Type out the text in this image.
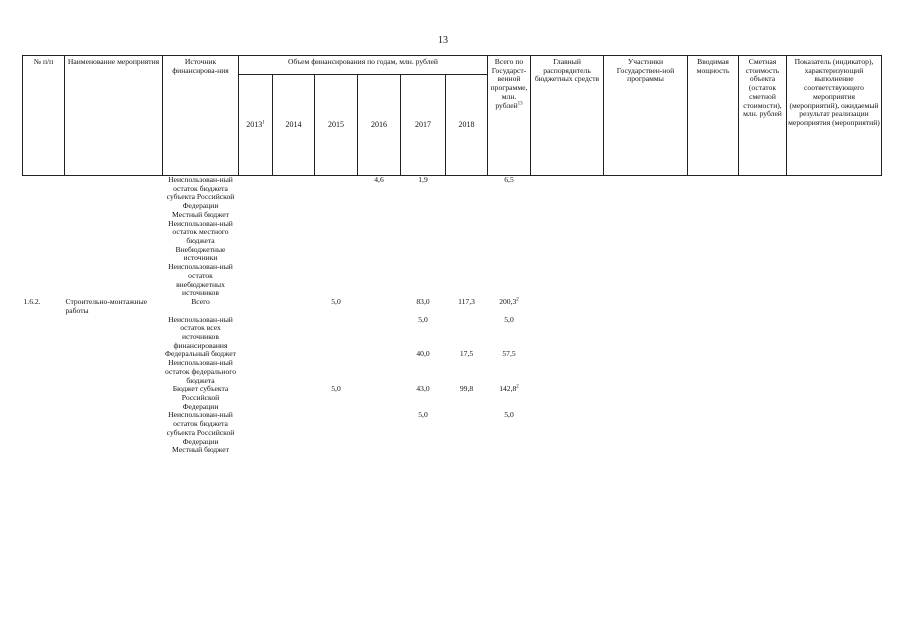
13
№ п/п	Наименование мероприятия	Источник финансирова-ния	Объем финансирования по годам, млн. рублей						Всего по Государст-венной программе, млн. рублей$^{13}$	Главный распорядитель бюджетных средств	Участники Государствен-ной программы	Вводимая мощность	Сметная стоимость объекта (остаток сметной стоимости), млн. рублей	Показатель (индикатор), характеризующий выполнение соответствующего мероприятия (мероприятий), ожидаемый результат реализации мероприятия (мероприятий)
			2013$^1$	2014	2015	2016	2017	2018						
		Неиспользован-ный остаток бюджета субъекта Российской Федерации				4,6	1,9		6,5					
		Местный бюджет												
		Неиспользован-ный остаток местного бюджета												
		Внебюджетные источники												
		Неиспользован-ный остаток внебюджетных источников												
1.6.2.	Строительно-монтажные работы	Всего			5,0		83,0	117,3	200,3$^2$					
		Неиспользован-ный остаток всех источников финансирования					5,0		5,0					
		Федеральный бюджет					40,0	17,5	57,5					
		Неиспользован-ный остаток федерального бюджета												
		Бюджет субъекта Российской Федерации			5,0		43,0	99,8	142,8$^2$					
		Неиспользован-ный остаток бюджета субъекта Российской Федерации					5,0		5,0					
		Местный бюджет												
